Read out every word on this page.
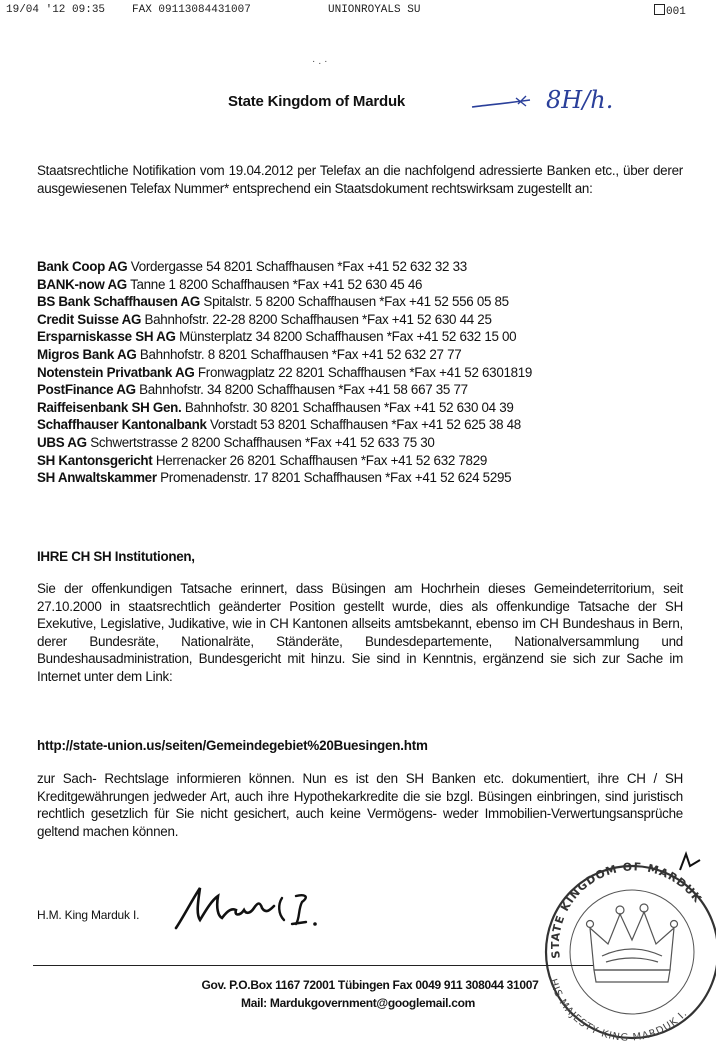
19/04 '12 09:35 FAX 09113084431007	UNIONROYALS SU	001
·.·
State Kingdom of Marduk	8H/h.
Staatsrechtliche Notifikation vom 19.04.2012 per Telefax an die nachfolgend adressierte Banken etc., über derer ausgewiesenen Telefax Nummer* entsprechend ein Staatsdokument rechtswirksam zugestellt an:
Bank Coop AG Vordergasse 54 8201 Schaffhausen *Fax +41 52 632 32 33
BANK-now AG Tanne 1 8200 Schaffhausen *Fax +41 52 630 45 46
BS Bank Schaffhausen AG Spitalstr. 5 8200 Schaffhausen *Fax +41 52 556 05 85
Credit Suisse AG Bahnhofstr. 22-28 8200 Schaffhausen *Fax +41 52 630 44 25
Ersparniskasse SH AG Münsterplatz 34 8200 Schaffhausen *Fax +41 52 632 15 00
Migros Bank AG Bahnhofstr. 8 8201 Schaffhausen *Fax +41 52 632 27 77
Notenstein Privatbank AG Fronwagplatz 22 8201 Schaffhausen *Fax +41 52 6301819
PostFinance AG Bahnhofstr. 34 8200 Schaffhausen *Fax +41 58 667 35 77
Raiffeisenbank SH Gen. Bahnhofstr. 30 8201 Schaffhausen *Fax +41 52 630 04 39
Schaffhauser Kantonalbank Vorstadt 53 8201 Schaffhausen *Fax +41 52 625 38 48
UBS AG Schwertstrasse 2 8200 Schaffhausen *Fax +41 52 633 75 30
SH Kantonsgericht Herrenacker 26 8201 Schaffhausen *Fax +41 52 632 7829
SH Anwaltskammer Promenadenstr. 17 8201 Schaffhausen *Fax +41 52 624 5295
IHRE CH SH Institutionen,
Sie der offenkundigen Tatsache erinnert, dass Büsingen am Hochrhein dieses Gemeindeterritorium, seit 27.10.2000 in staatsrechtlich geänderter Position gestellt wurde, dies als offenkundige Tatsache der SH Exekutive, Legislative, Judikative, wie in CH Kantonen allseits amtsbekannt, ebenso im CH Bundeshaus in Bern, derer Bundesräte, Nationalräte, Ständeräte, Bundesdepartemente, Nationalversammlung und Bundeshausadministration, Bundesgericht mit hinzu. Sie sind in Kenntnis, ergänzend sie sich zur Sache im Internet unter dem Link:
http://state-union.us/seiten/Gemeindegebiet%20Buesingen.htm
zur Sach- Rechtslage informieren können. Nun es ist den SH Banken etc. dokumentiert, ihre CH / SH Kreditgewährungen jedweder Art, auch ihre Hypothekarkredite die sie bzgl. Büsingen einbringen, sind juristisch rechtlich gesetzlich für Sie nicht gesichert, auch keine Vermögens- weder Immobilien-Verwertungsansprüche geltend machen können.
H.M. King Marduk I.
STATE KINGDOM OF MARDUK
HIS MAJESTY KING MARDUK I.
Gov. P.O.Box 1167 72001 Tübingen Fax 0049 911 308044 31007
Mail: Mardukgovernment@googlemail.com
